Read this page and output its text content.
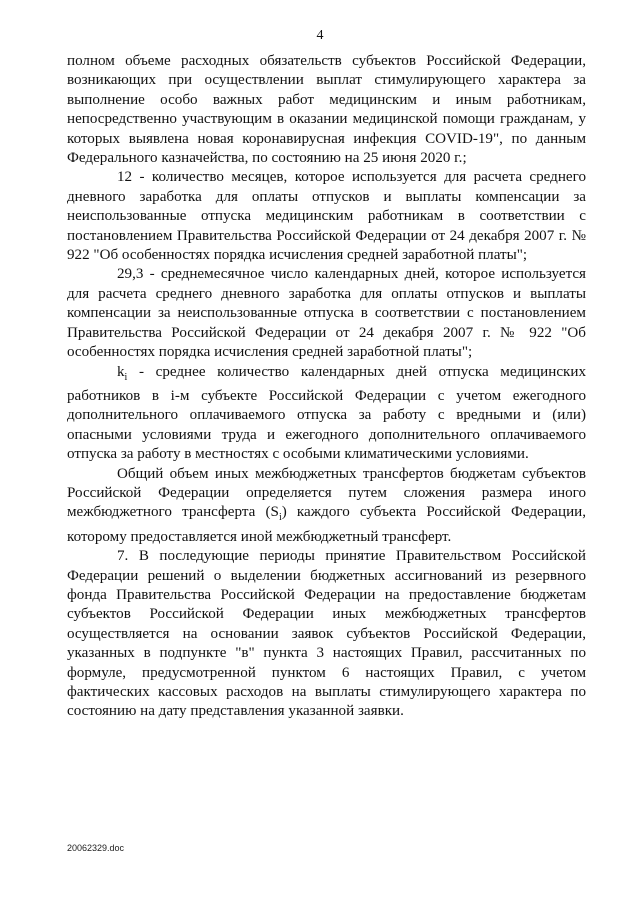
4

полном объеме расходных обязательств субъектов Российской Федерации, возникающих при осуществлении выплат стимулирующего характера за выполнение особо важных работ медицинским и иным работникам, непосредственно участвующим в оказании медицинской помощи гражданам, у которых выявлена новая коронавирусная инфекция COVID-19", по данным Федерального казначейства, по состоянию на 25 июня 2020 г.;

12 - количество месяцев, которое используется для расчета среднего дневного заработка для оплаты отпусков и выплаты компенсации за неиспользованные отпуска медицинским работникам в соответствии с постановлением Правительства Российской Федерации от 24 декабря 2007 г. № 922 "Об особенностях порядка исчисления средней заработной платы";

29,3 - среднемесячное число календарных дней, которое используется для расчета среднего дневного заработка для оплаты отпусков и выплаты компенсации за неиспользованные отпуска в соответствии с постановлением Правительства Российской Федерации от 24 декабря 2007 г. № 922 "Об особенностях порядка исчисления средней заработной платы";

$k_i$ - среднее количество календарных дней отпуска медицинских работников в i-м субъекте Российской Федерации с учетом ежегодного дополнительного оплачиваемого отпуска за работу с вредными и (или) опасными условиями труда и ежегодного дополнительного оплачиваемого отпуска за работу в местностях с особыми климатическими условиями.

Общий объем иных межбюджетных трансфертов бюджетам субъектов Российской Федерации определяется путем сложения размера иного межбюджетного трансферта $(S_i)$ каждого субъекта Российской Федерации, которому предоставляется иной межбюджетный трансферт.

7. В последующие периоды принятие Правительством Российской Федерации решений о выделении бюджетных ассигнований из резервного фонда Правительства Российской Федерации на предоставление бюджетам субъектов Российской Федерации иных межбюджетных трансфертов осуществляется на основании заявок субъектов Российской Федерации, указанных в подпункте "в" пункта 3 настоящих Правил, рассчитанных по формуле, предусмотренной пунктом 6 настоящих Правил, с учетом фактических кассовых расходов на выплаты стимулирующего характера по состоянию на дату представления указанной заявки.

20062329.doc
